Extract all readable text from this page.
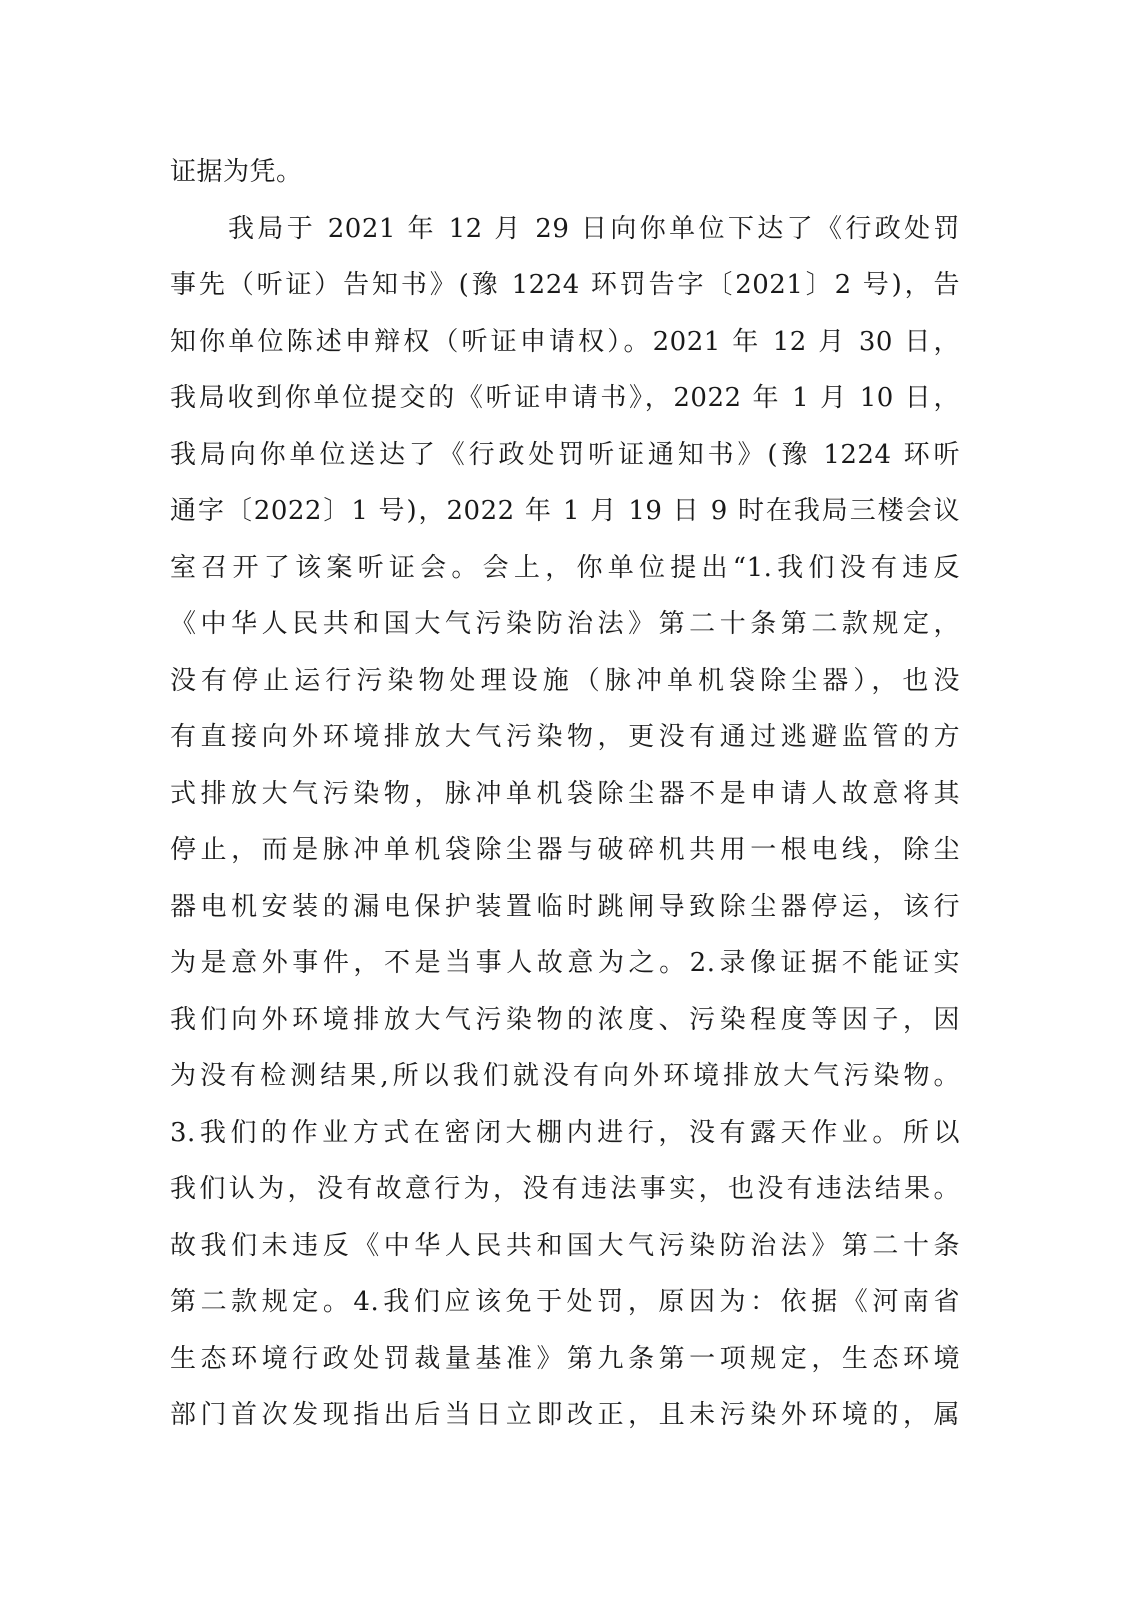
证据为凭。
我局于 2021 年 12 月 29 日向你单位下达了《行政处罚
事先（听证）告知书》(豫 1224 环罚告字〔2021〕2 号)，告
知你单位陈述申辩权（听证申请权）。2021 年 12 月 30 日，
我局收到你单位提交的《听证申请书》，2022 年 1 月 10 日，
我局向你单位送达了《行政处罚听证通知书》(豫 1224 环听
通字〔2022〕1 号)，2022 年 1 月 19 日 9 时在我局三楼会议
室召开了该案听证会。会上，你单位提出“1.我们没有违反
《中华人民共和国大气污染防治法》第二十条第二款规定，
没有停止运行污染物处理设施（脉冲单机袋除尘器），也没
有直接向外环境排放大气污染物，更没有通过逃避监管的方
式排放大气污染物，脉冲单机袋除尘器不是申请人故意将其
停止，而是脉冲单机袋除尘器与破碎机共用一根电线，除尘
器电机安装的漏电保护装置临时跳闸导致除尘器停运，该行
为是意外事件，不是当事人故意为之。2.录像证据不能证实
我们向外环境排放大气污染物的浓度、污染程度等因子，因
为没有检测结果,所以我们就没有向外环境排放大气污染物。
3.我们的作业方式在密闭大棚内进行，没有露天作业。所以
我们认为，没有故意行为，没有违法事实，也没有违法结果。
故我们未违反《中华人民共和国大气污染防治法》第二十条
第二款规定。4.我们应该免于处罚，原因为：依据《河南省
生态环境行政处罚裁量基准》第九条第一项规定，生态环境
部门首次发现指出后当日立即改正，且未污染外环境的，属
